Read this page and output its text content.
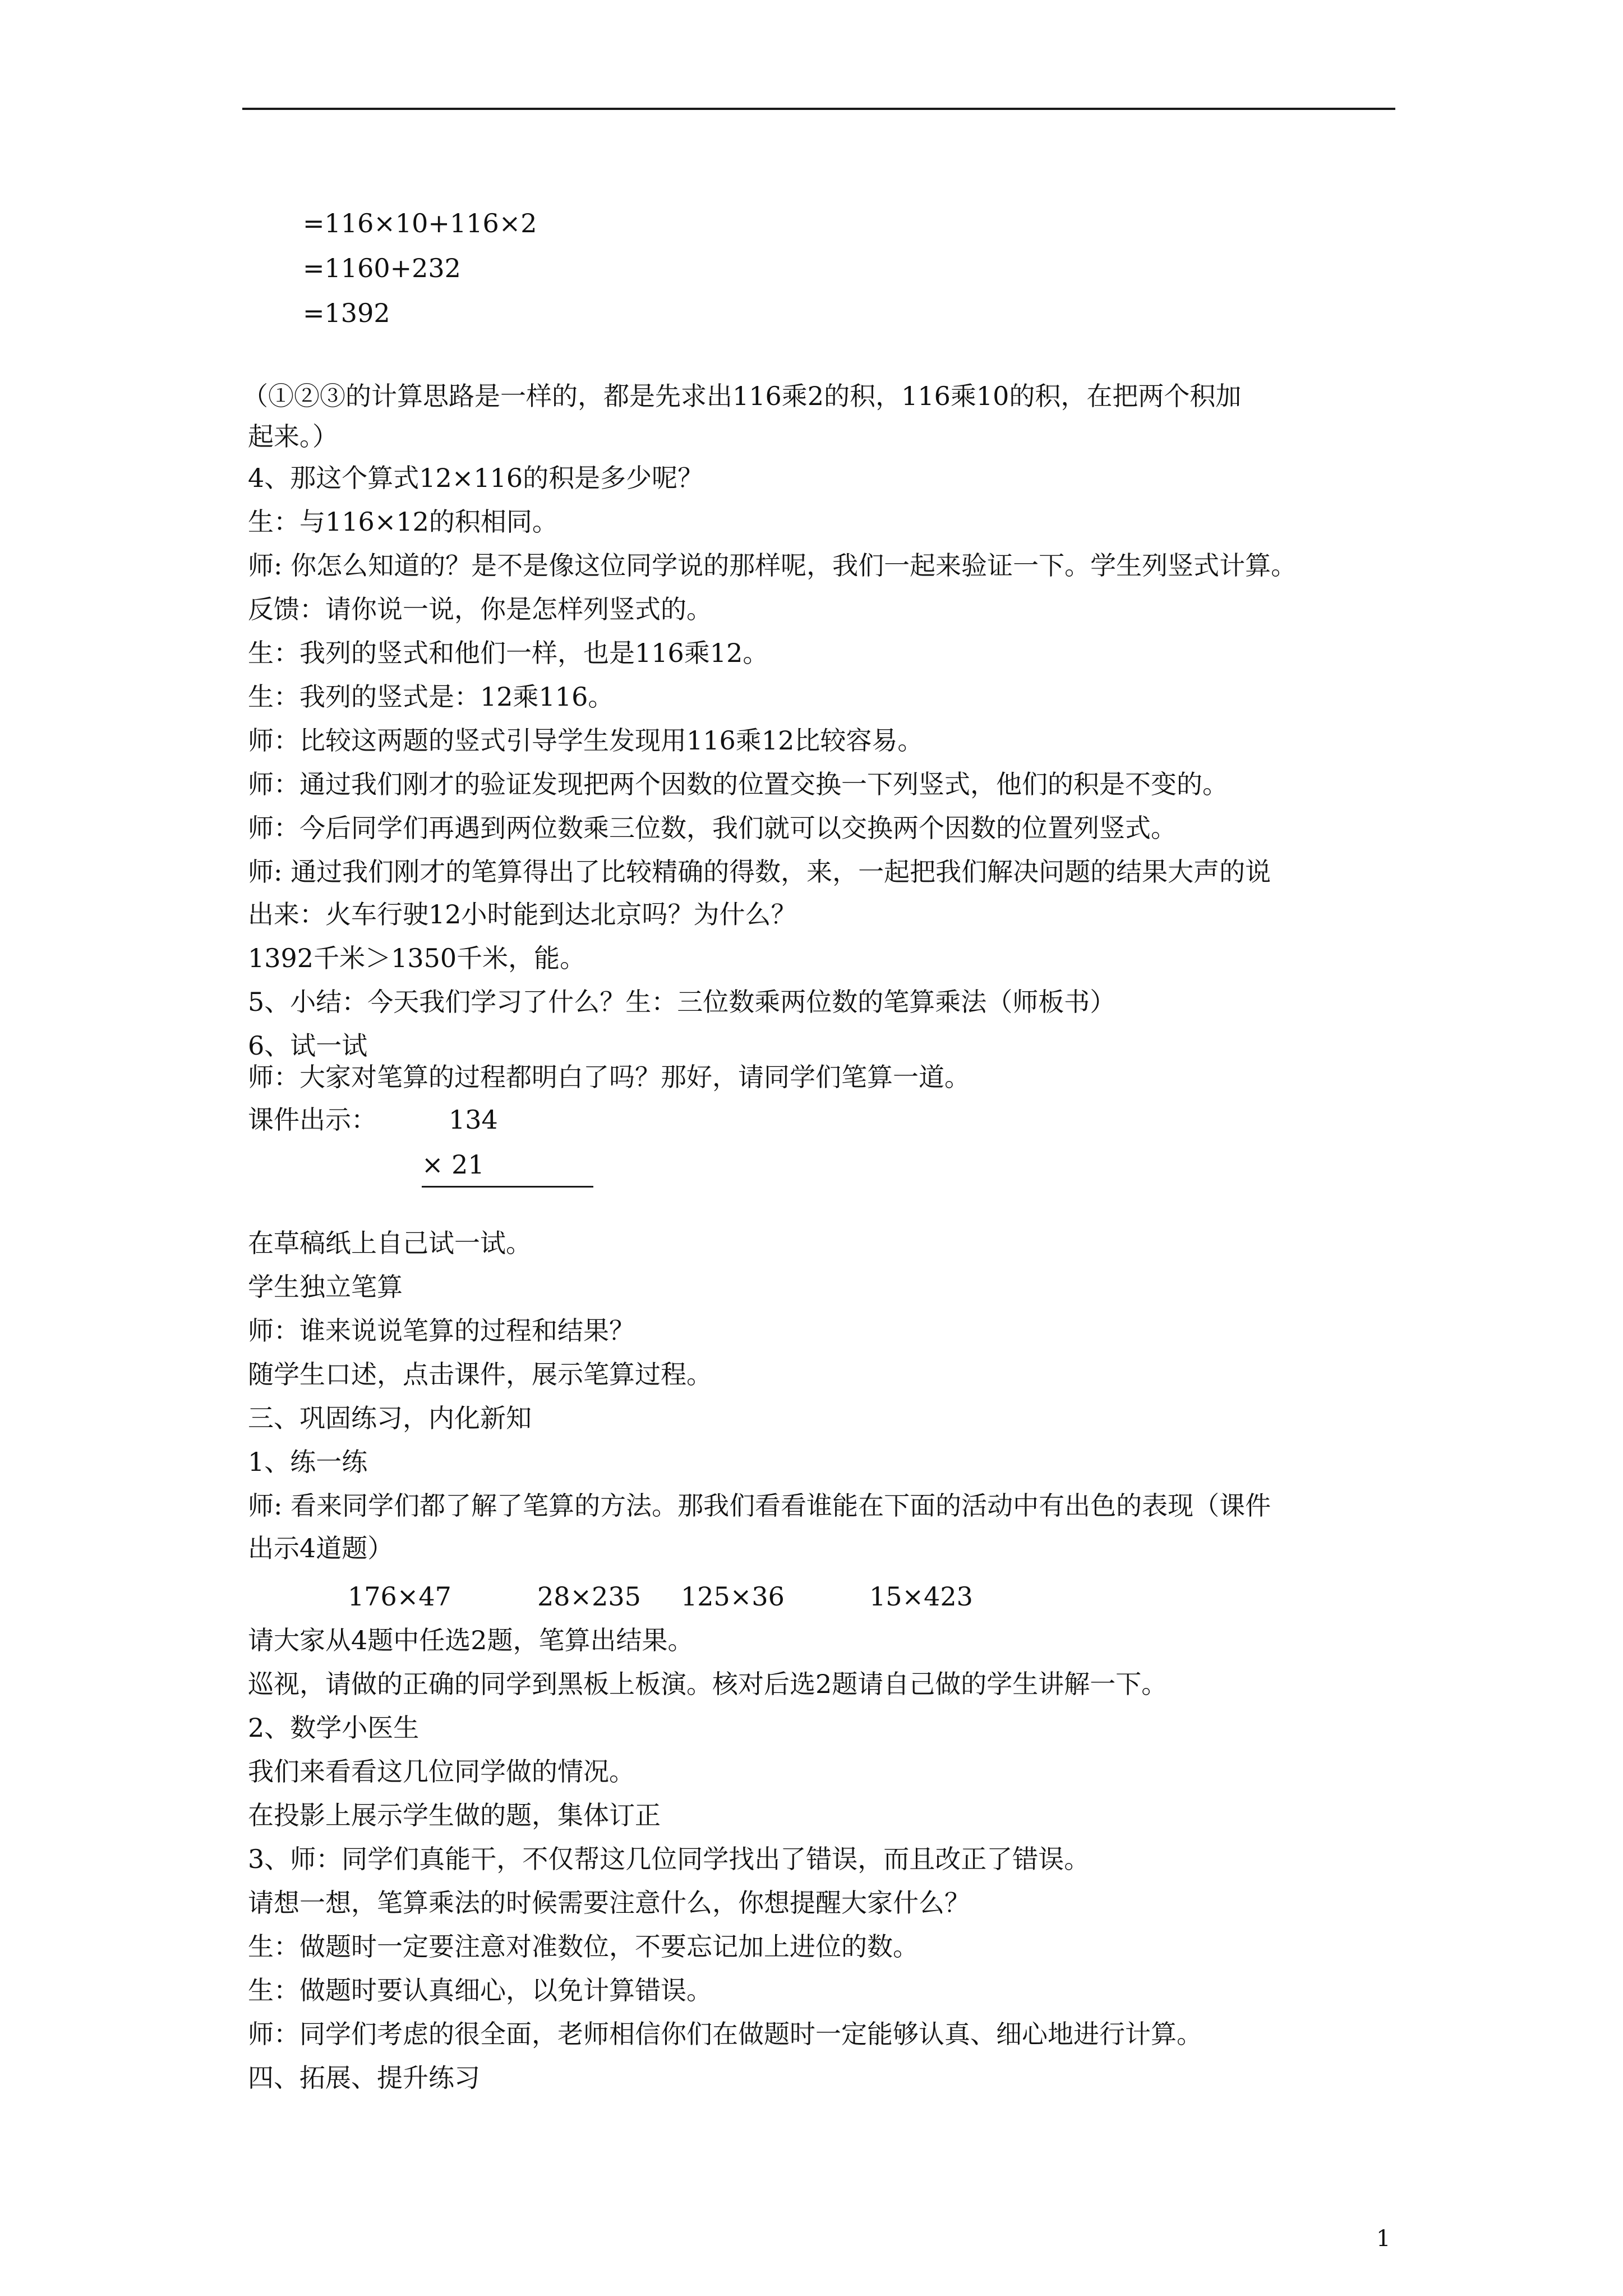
=116×10+116×2
=1160+232
=1392
（①②③的计算思路是一样的，都是先求出116乘2的积，116乘10的积，在把两个积加
起来。）
4、那这个算式12×116的积是多少呢？
生：与116×12的积相同。
师: 你怎么知道的？是不是像这位同学说的那样呢，我们一起来验证一下。学生列竖式计算。
反馈：请你说一说，你是怎样列竖式的。
生：我列的竖式和他们一样，也是116乘12。
生：我列的竖式是：12乘116。
师：比较这两题的竖式引导学生发现用116乘12比较容易。
师：通过我们刚才的验证发现把两个因数的位置交换一下列竖式，他们的积是不变的。
师：今后同学们再遇到两位数乘三位数，我们就可以交换两个因数的位置列竖式。
师: 通过我们刚才的笔算得出了比较精确的得数，来，一起把我们解决问题的结果大声的说
出来：火车行驶12小时能到达北京吗？为什么？
1392千米＞1350千米，能。
5、小结：今天我们学习了什么？生：三位数乘两位数的笔算乘法（师板书）
6、试一试
师：大家对笔算的过程都明白了吗？那好，请同学们笔算一道。
课件出示：	134
× 21
在草稿纸上自己试一试。
学生独立笔算
师：谁来说说笔算的过程和结果？
随学生口述，点击课件，展示笔算过程。
三、巩固练习，内化新知
1、练一练
师: 看来同学们都了解了笔算的方法。那我们看看谁能在下面的活动中有出色的表现（课件
出示4道题）
176×47	28×235 125×36	15×423
请大家从4题中任选2题，笔算出结果。
巡视，请做的正确的同学到黑板上板演。核对后选2题请自己做的学生讲解一下。
2、数学小医生
我们来看看这几位同学做的情况。
在投影上展示学生做的题，集体订正
3、师：同学们真能干，不仅帮这几位同学找出了错误，而且改正了错误。
请想一想，笔算乘法的时候需要注意什么，你想提醒大家什么？
生：做题时一定要注意对准数位，不要忘记加上进位的数。
生：做题时要认真细心，以免计算错误。
师：同学们考虑的很全面，老师相信你们在做题时一定能够认真、细心地进行计算。
四、拓展、提升练习
1
